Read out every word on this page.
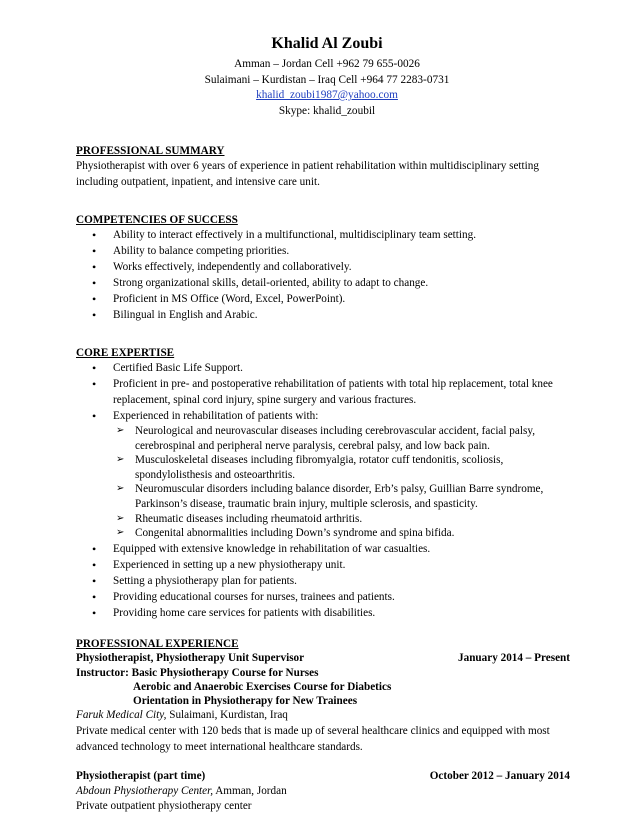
Khalid Al Zoubi
Amman – Jordan Cell +962 79 655-0026
Sulaimani – Kurdistan – Iraq Cell +964 77 2283-0731
khalid_zoubi1987@yahoo.com
Skype: khalid_zoubil
PROFESSIONAL SUMMARY
Physiotherapist with over 6 years of experience in patient rehabilitation within multidisciplinary setting including outpatient, inpatient, and intensive care unit.
COMPETENCIES OF SUCCESS
• Ability to interact effectively in a multifunctional, multidisciplinary team setting.
• Ability to balance competing priorities.
• Works effectively, independently and collaboratively.
• Strong organizational skills, detail-oriented, ability to adapt to change.
• Proficient in MS Office (Word, Excel, PowerPoint).
• Bilingual in English and Arabic.
CORE EXPERTISE
• Certified Basic Life Support.
• Proficient in pre- and postoperative rehabilitation of patients with total hip replacement, total knee replacement, spinal cord injury, spine surgery and various fractures.
• Experienced in rehabilitation of patients with:
➢ Neurological and neurovascular diseases including cerebrovascular accident, facial palsy, cerebrospinal and peripheral nerve paralysis, cerebral palsy, and low back pain.
➢ Musculoskeletal diseases including fibromyalgia, rotator cuff tendonitis, scoliosis, spondylolisthesis and osteoarthritis.
➢ Neuromuscular disorders including balance disorder, Erb’s palsy, Guillian Barre syndrome, Parkinson’s disease, traumatic brain injury, multiple sclerosis, and spasticity.
➢ Rheumatic diseases including rheumatoid arthritis.
➢ Congenital abnormalities including Down’s syndrome and spina bifida.
• Equipped with extensive knowledge in rehabilitation of war casualties.
• Experienced in setting up a new physiotherapy unit.
• Setting a physiotherapy plan for patients.
• Providing educational courses for nurses, trainees and patients.
• Providing home care services for patients with disabilities.
PROFESSIONAL EXPERIENCE
Physiotherapist, Physiotherapy Unit Supervisor	January 2014 – Present
Instructor: Basic Physiotherapy Course for Nurses
Aerobic and Anaerobic Exercises Course for Diabetics
Orientation in Physiotherapy for New Trainees
Faruk Medical City, Sulaimani, Kurdistan, Iraq
Private medical center with 120 beds that is made up of several healthcare clinics and equipped with most advanced technology to meet international healthcare standards.
Physiotherapist (part time)	October 2012 – January 2014
Abdoun Physiotherapy Center, Amman, Jordan
Private outpatient physiotherapy center
